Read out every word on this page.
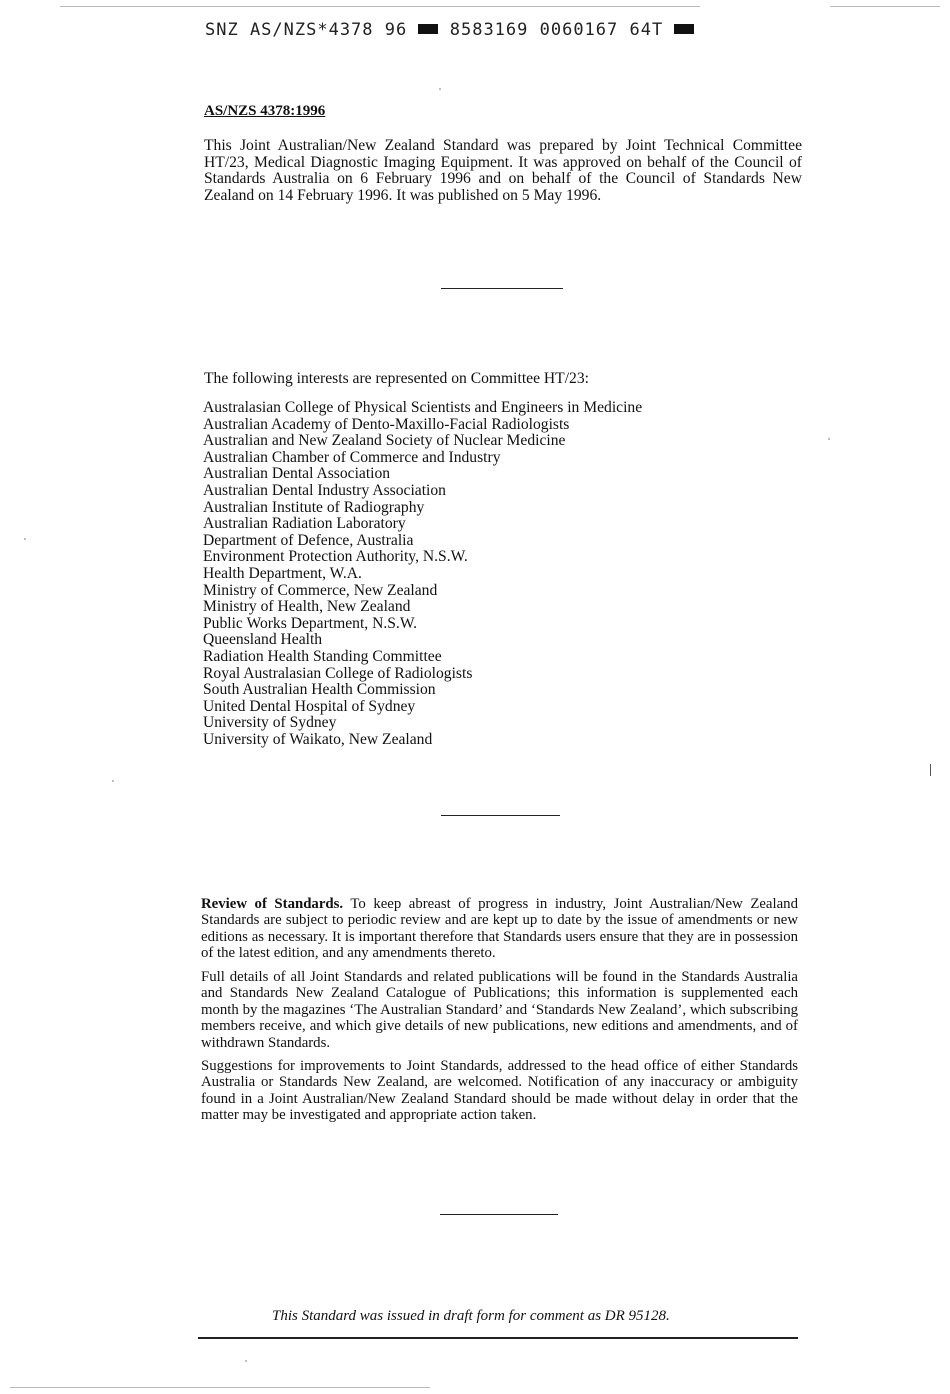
SNZ AS/NZS*4378 96	8583169 0060167 64T
AS/NZS 4378:1996

This Joint Australian/New Zealand Standard was prepared by Joint Technical Committee HT/23, Medical Diagnostic Imaging Equipment. It was approved on behalf of the Council of Standards Australia on 6 February 1996 and on behalf of the Council of Standards New Zealand on 14 February 1996. It was published on 5 May 1996.

The following interests are represented on Committee HT/23:
Australasian College of Physical Scientists and Engineers in Medicine
Australian Academy of Dento-Maxillo-Facial Radiologists
Australian and New Zealand Society of Nuclear Medicine
Australian Chamber of Commerce and Industry
Australian Dental Association
Australian Dental Industry Association
Australian Institute of Radiography
Australian Radiation Laboratory
Department of Defence, Australia
Environment Protection Authority, N.S.W.
Health Department, W.A.
Ministry of Commerce, New Zealand
Ministry of Health, New Zealand
Public Works Department, N.S.W.
Queensland Health
Radiation Health Standing Committee
Royal Australasian College of Radiologists
South Australian Health Commission
United Dental Hospital of Sydney
University of Sydney
University of Waikato, New Zealand

Review of Standards. To keep abreast of progress in industry, Joint Australian/New Zealand Standards are subject to periodic review and are kept up to date by the issue of amendments or new editions as necessary. It is important therefore that Standards users ensure that they are in possession of the latest edition, and any amendments thereto.

Full details of all Joint Standards and related publications will be found in the Standards Australia and Standards New Zealand Catalogue of Publications; this information is supplemented each month by the magazines ‘The Australian Standard’ and ‘Standards New Zealand’, which subscribing members receive, and which give details of new publications, new editions and amendments, and of withdrawn Standards.

Suggestions for improvements to Joint Standards, addressed to the head office of either Standards Australia or Standards New Zealand, are welcomed. Notification of any inaccuracy or ambiguity found in a Joint Australian/New Zealand Standard should be made without delay in order that the matter may be investigated and appropriate action taken.

This Standard was issued in draft form for comment as DR 95128.
